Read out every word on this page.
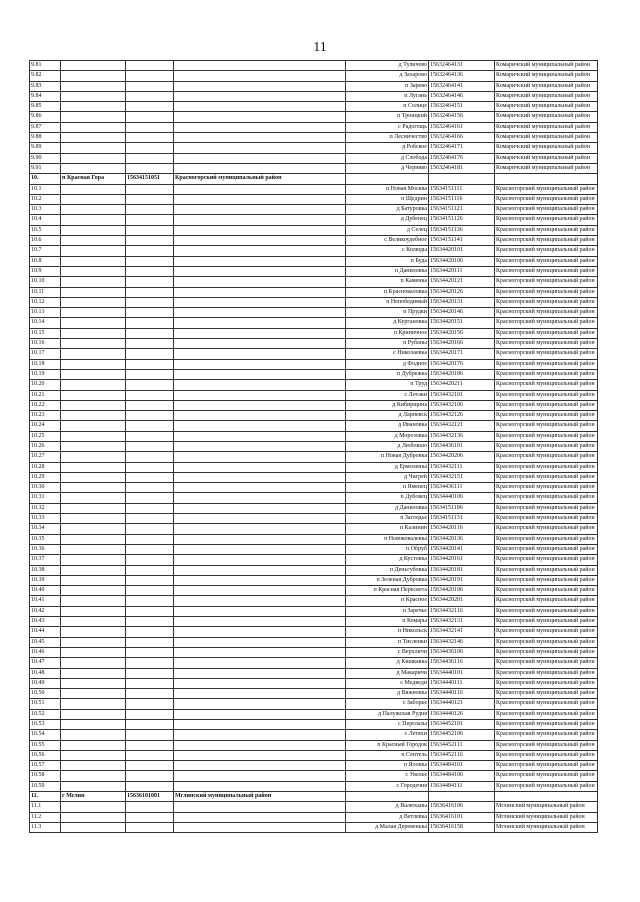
11
9.81				д Туличево	15632464131	Комаричский муниципальный район
9.82				д Захарово	15632464136	Комаричский муниципальный район
9.83				п Зарево	15632464141	Комаричский муниципальный район
9.84				п Лугань	15632464146	Комаричский муниципальный район
9.85				п Солнце	15632464151	Комаричский муниципальный район
9.86				п Троицкий	15632464156	Комаричский муниципальный район
9.87				с Радогощь	15632464161	Комаричский муниципальный район
9.88				п Лесничество	15632464166	Комаричский муниципальный район
9.89				д Робское	15632464171	Комаричский муниципальный район
9.90				д Слобода	15632464176	Комаричский муниципальный район
9.91				д Черняво	15632464181	Комаричский муниципальный район
10.	п Красная Гора	15634151051	Красногорский муниципальный район			
10.1				п Новая Москва	15634151111	Красногорский муниципальный район
10.2				п Щедрин	15634151116	Красногорский муниципальный район
10.3				д Батуровка	15634151121	Красногорский муниципальный район
10.4				д Дубенец	15634151126	Красногорский муниципальный район
10.5				д Селец	15634151136	Красногорский муниципальный район
10.6				с Великоудебное	15634151141	Красногорский муниципальный район
10.7				с Колюды	15634420101	Красногорский муниципальный район
10.8				п Буда	15634420106	Красногорский муниципальный район
10.9				п Даниловка	15634420111	Красногорский муниципальный район
10.10				п Каменка	15634420121	Красногорский муниципальный район
10.11				п Красноваловка	15634420126	Красногорский муниципальный район
10.12				п Непобедимый	15634420131	Красногорский муниципальный район
10.13				п Прудки	15634420146	Красногорский муниципальный район
10.14				д Кургановка	15634420151	Красногорский муниципальный район
10.15				п Криничное	15634420156	Красногорский муниципальный район
10.16				п Рубаны	15634420166	Красногорский муниципальный район
10.17				с Николаевка	15634420171	Красногорский муниципальный район
10.18				д Фодное	15634420176	Красногорский муниципальный район
10.19				п Дубрежка	15634420186	Красногорский муниципальный район
10.20				п Труд	15634420211	Красногорский муниципальный район
10.21				с Лотаки	15634432101	Красногорский муниципальный район
10.22				д Кибирщина	15634432106	Красногорский муниципальный район
10.23				д Ларневск	15634432126	Красногорский муниципальный район
10.24				д Ивановка	15634432121	Красногорский муниципальный район
10.25				д Морозовка	15634432136	Красногорский муниципальный район
10.26				д Любовшо	15634436101	Красногорский муниципальный район
10.27				п Новая Дубровка	15634420206	Красногорский муниципальный район
10.28				д Ермоленка	15634432111	Красногорский муниципальный район
10.29				д Чигрей	15634432151	Красногорский муниципальный район
10.30				п Яменец	15634436111	Красногорский муниципальный район
10.31				п Дубовец	15634440106	Красногорский муниципальный район
10.32				д Даниловка	15634151106	Красногорский муниципальный район
10.33				п Заглодье	15634151131	Красногорский муниципальный район
10.34				п Калинин	15634420116	Красногорский муниципальный район
10.35				п Новоковалевка	15634420136	Красногорский муниципальный район
10.36				п Обруб	15634420141	Красногорский муниципальный район
10.37				д Кустовка	15634420161	Красногорский муниципальный район
10.38				п Деньгубовка	15634420181	Красногорский муниципальный район
10.39				п Зеленая Дубровка	15634420191	Красногорский муниципальный район
10.40				п Красная Пересвета	15634420196	Красногорский муниципальный район
10.41				п Красное	15634420201	Красногорский муниципальный район
10.42				п Заречье	15634432116	Красногорский муниципальный район
10.43				п Комары	15634432131	Красногорский муниципальный район
10.44				п Никольск	15634432141	Красногорский муниципальный район
10.45				п Тисленки	15634432146	Красногорский муниципальный район
10.46				с Верхличи	15634436106	Красногорский муниципальный район
10.47				д Кишкавка	15634436116	Красногорский муниципальный район
10.48				д Макаричи	15634440101	Красногорский муниципальный район
10.49				с Медведи	15634440111	Красногорский муниципальный район
10.50				д Вяжновка	15634440116	Красногорский муниципальный район
10.51				с Заборье	15634440121	Красногорский муниципальный район
10.52				д Палужская Рудня	15634440126	Красногорский муниципальный район
10.53				с Перелазы	15634452101	Красногорский муниципальный район
10.54				с Летяхи	15634452106	Красногорский муниципальный район
10.55				п Красный Городок	15634452111	Красногорский муниципальный район
10.56				п Сентель	15634452116	Красногорский муниципальный район
10.57				п Яловка	15634484101	Красногорский муниципальный район
10.58				с Увелье	15634484106	Красногорский муниципальный район
10.59				с Городечня	15634484111	Красногорский муниципальный район
11.	г Мглин	15636101001	Мглинский муниципальный район			
11.1				д Валюханы	15636416106	Мглинский муниципальный район
11.2				д Ветлевка	15636416101	Мглинский муниципальный район
11.3				д Малая Деревенька	15636416158	Мглинский муниципальный район
